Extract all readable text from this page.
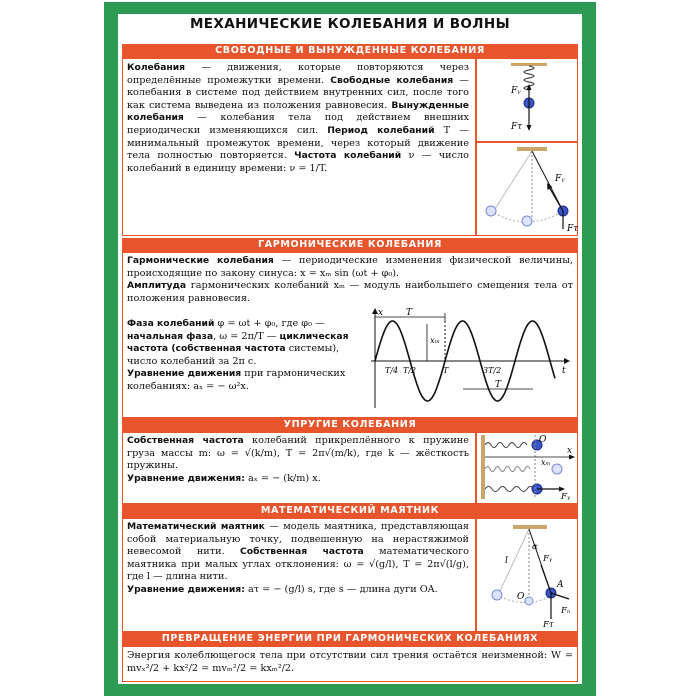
МЕХАНИЧЕСКИЕ КОЛЕБАНИЯ И ВОЛНЫ
СВОБОДНЫЕ И ВЫНУЖДЕННЫЕ КОЛЕБАНИЯ
Колебания — движения, которые повторяются через определённые промежутки времени. Свободные колебания — колебания в системе под действием внутренних сил, после того как система выведена из положения равновесия. Вынужденные колебания — колебания тела под действием внешних периодически изменяющихся сил. Период колебаний T — минимальный промежуток времени, через который движение тела полностью повторяется. Частота колебаний ν — число колебаний в единицу времени: ν = 1/T.
Fᵧ
Fτ
Fᵧ
Fτ
ГАРМОНИЧЕСКИЕ КОЛЕБАНИЯ
Гармонические колебания — периодические изменения физической величины, происходящие по закону синуса: x = xₘ sin (ωt + φ₀).
Амплитуда гармонических колебаний xₘ — модуль наибольшего смещения тела от положения равновесия.
Фаза колебаний φ = ωt + φ₀, где φ₀ — начальная фаза, ω = 2π/T — циклическая частота (собственная частота системы), число колебаний за 2π с.
Уравнение движения при гармонических колебаниях: aₓ = − ω²x.
x
t
T
xₘ
T
T/4 T/2	T	3T/2
УПРУГИЕ КОЛЕБАНИЯ
Собственная частота колебаний прикреплённого к пружине груза массы m: ω = √(k/m), T = 2π√(m/k), где k — жёсткость пружины.
Уравнение движения: aₓ = − (k/m) x.
O
x
xₘ
Fᵧ
МАТЕМАТИЧЕСКИЙ МАЯТНИК
Математический маятник — модель маятника, представляющая собой материальную точку, подвешенную на нерастяжимой невесомой нити. Собственная частота математического маятника при малых углах отклонения: ω = √(g/l), T = 2π√(l/g), где l — длина нити.
Уравнение движения: aτ = − (g/l) s, где s — длина дуги OA.
l
α
O
A
Fᵧ
Fτ
Fₙ
ПРЕВРАЩЕНИЕ ЭНЕРГИИ ПРИ ГАРМОНИЧЕСКИХ КОЛЕБАНИЯХ
Энергия колеблющегося тела при отсутствии сил трения остаётся неизменной: W = mvₓ²/2 + kx²/2 = mvₘ²/2 = kxₘ²/2.
